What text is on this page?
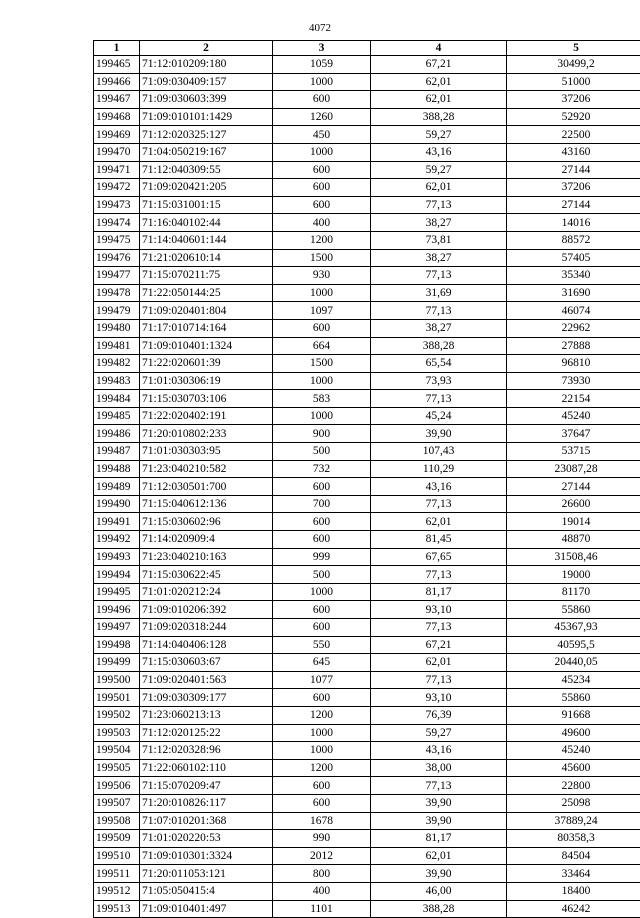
4072
1	2	3	4	5
199465	71:12:010209:180	1059	67,21	30499,2
199466	71:09:030409:157	1000	62,01	51000
199467	71:09:030603:399	600	62,01	37206
199468	71:09:010101:1429	1260	388,28	52920
199469	71:12:020325:127	450	59,27	22500
199470	71:04:050219:167	1000	43,16	43160
199471	71:12:040309:55	600	59,27	27144
199472	71:09:020421:205	600	62,01	37206
199473	71:15:031001:15	600	77,13	27144
199474	71:16:040102:44	400	38,27	14016
199475	71:14:040601:144	1200	73,81	88572
199476	71:21:020610:14	1500	38,27	57405
199477	71:15:070211:75	930	77,13	35340
199478	71:22:050144:25	1000	31,69	31690
199479	71:09:020401:804	1097	77,13	46074
199480	71:17:010714:164	600	38,27	22962
199481	71:09:010401:1324	664	388,28	27888
199482	71:22:020601:39	1500	65,54	96810
199483	71:01:030306:19	1000	73,93	73930
199484	71:15:030703:106	583	77,13	22154
199485	71:22:020402:191	1000	45,24	45240
199486	71:20:010802:233	900	39,90	37647
199487	71:01:030303:95	500	107,43	53715
199488	71:23:040210:582	732	110,29	23087,28
199489	71:12:030501:700	600	43,16	27144
199490	71:15:040612:136	700	77,13	26600
199491	71:15:030602:96	600	62,01	19014
199492	71:14:020909:4	600	81,45	48870
199493	71:23:040210:163	999	67,65	31508,46
199494	71:15:030622:45	500	77,13	19000
199495	71:01:020212:24	1000	81,17	81170
199496	71:09:010206:392	600	93,10	55860
199497	71:09:020318:244	600	77,13	45367,93
199498	71:14:040406:128	550	67,21	40595,5
199499	71:15:030603:67	645	62,01	20440,05
199500	71:09:020401:563	1077	77,13	45234
199501	71:09:030309:177	600	93,10	55860
199502	71:23:060213:13	1200	76,39	91668
199503	71:12:020125:22	1000	59,27	49600
199504	71:12:020328:96	1000	43,16	45240
199505	71:22:060102:110	1200	38,00	45600
199506	71:15:070209:47	600	77,13	22800
199507	71:20:010826:117	600	39,90	25098
199508	71:07:010201:368	1678	39,90	37889,24
199509	71:01:020220:53	990	81,17	80358,3
199510	71:09:010301:3324	2012	62,01	84504
199511	71:20:011053:121	800	39,90	33464
199512	71:05:050415:4	400	46,00	18400
199513	71:09:010401:497	1101	388,28	46242
